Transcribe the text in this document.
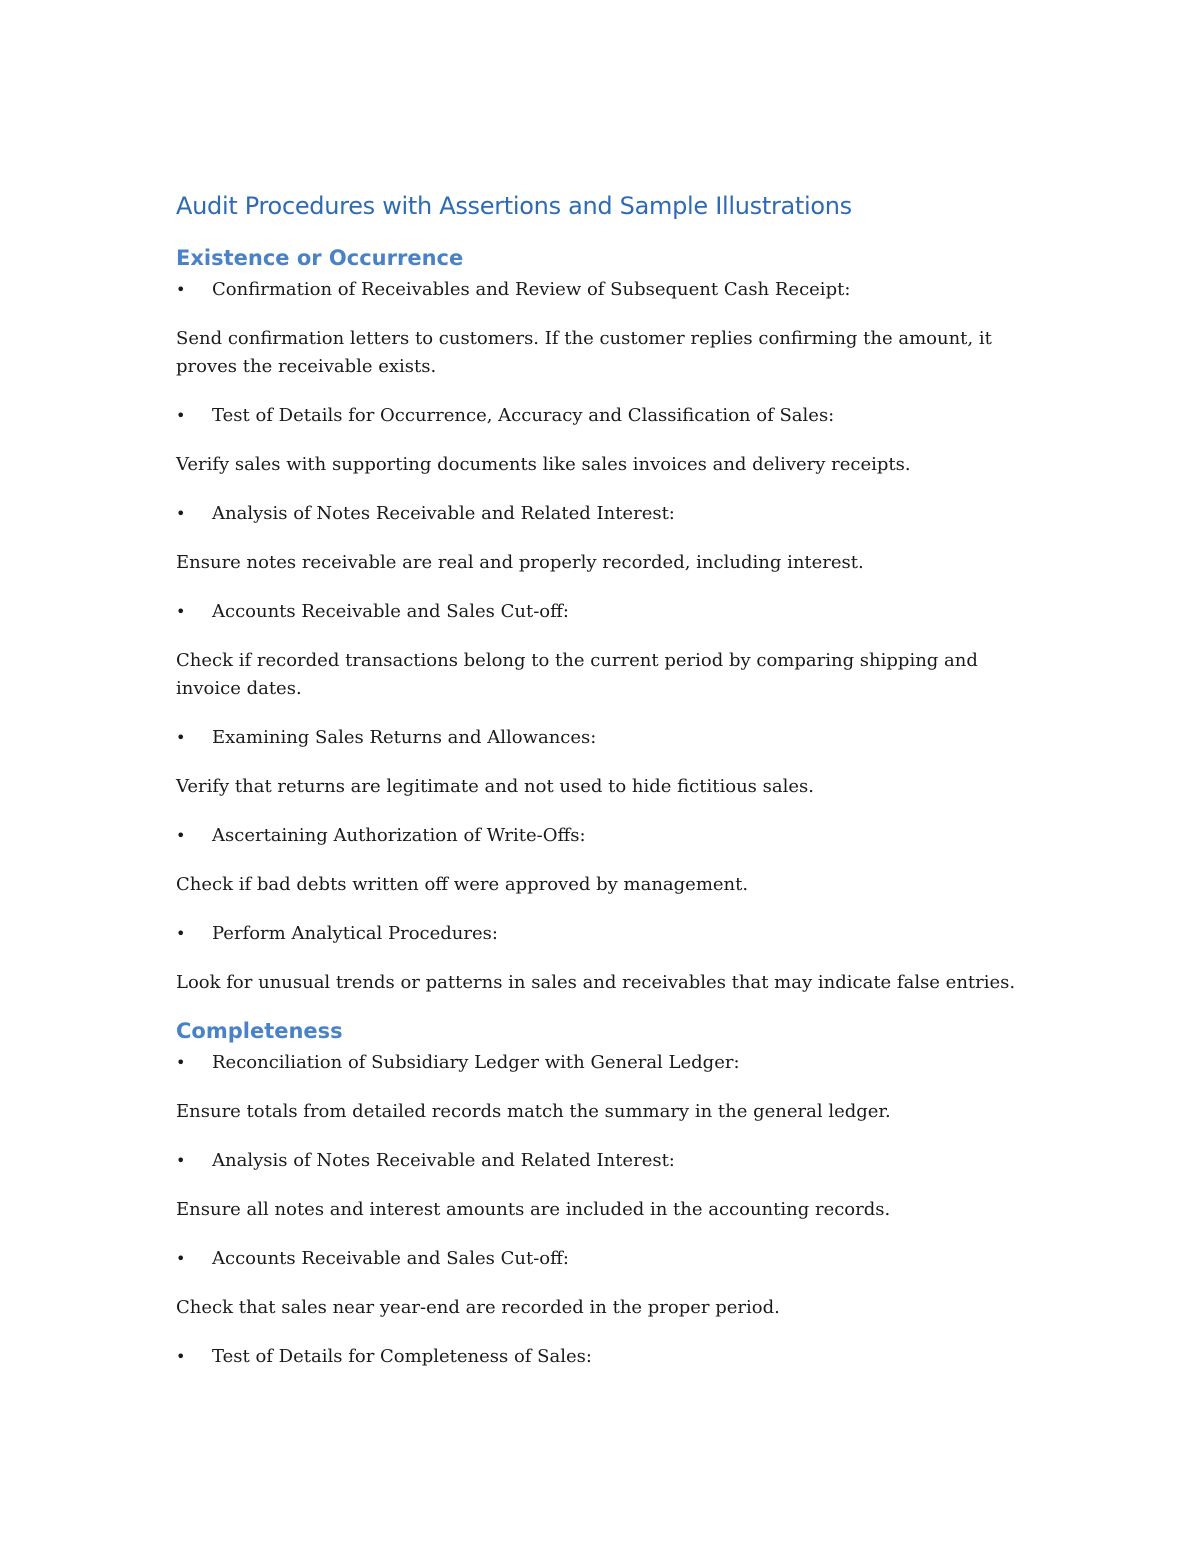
Audit Procedures with Assertions and Sample Illustrations
Existence or Occurrence
•	Confirmation of Receivables and Review of Subsequent Cash Receipt:

Send confirmation letters to customers. If the customer replies confirming the amount, it proves the receivable exists.

•	Test of Details for Occurrence, Accuracy and Classification of Sales:

Verify sales with supporting documents like sales invoices and delivery receipts.

•	Analysis of Notes Receivable and Related Interest:

Ensure notes receivable are real and properly recorded, including interest.

•	Accounts Receivable and Sales Cut-off:

Check if recorded transactions belong to the current period by comparing shipping and invoice dates.

•	Examining Sales Returns and Allowances:

Verify that returns are legitimate and not used to hide fictitious sales.

•	Ascertaining Authorization of Write-Offs:

Check if bad debts written off were approved by management.

•	Perform Analytical Procedures:

Look for unusual trends or patterns in sales and receivables that may indicate false entries.

Completeness
•	Reconciliation of Subsidiary Ledger with General Ledger:

Ensure totals from detailed records match the summary in the general ledger.

•	Analysis of Notes Receivable and Related Interest:

Ensure all notes and interest amounts are included in the accounting records.

•	Accounts Receivable and Sales Cut-off:

Check that sales near year-end are recorded in the proper period.

•	Test of Details for Completeness of Sales:
